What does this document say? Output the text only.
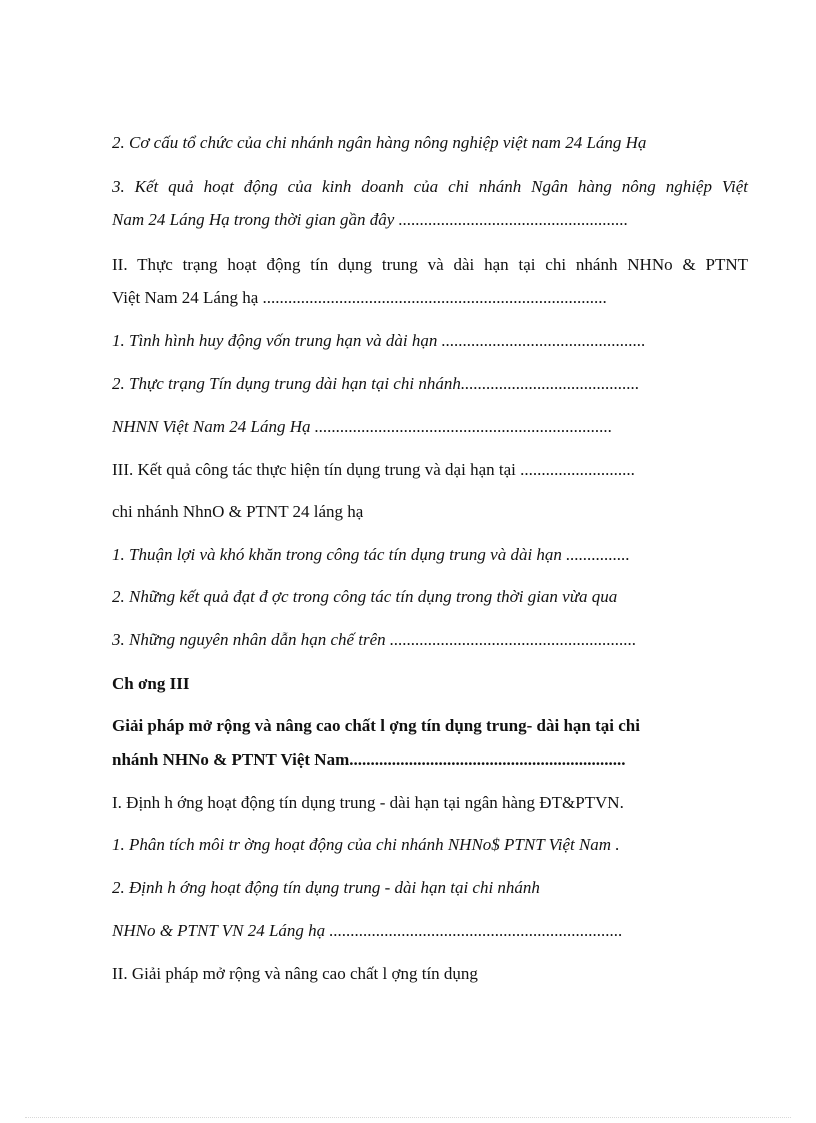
2. Cơ cấu tổ chức của chi nhánh ngân hàng nông nghiệp việt nam 24 Láng Hạ
3. Kết quả hoạt động của kinh doanh của chi nhánh Ngân hàng nông nghiệp Việt
Nam 24 Láng Hạ trong thời gian gần đây ......................................................
II. Thực trạng hoạt động tín dụng trung và dài hạn tại chi nhánh NHNo & PTNT
Việt Nam 24 Láng hạ .................................................................................
1. Tình hình huy động vốn trung hạn và dài hạn ................................................
2. Thực trạng Tín dụng trung dài hạn tại chi nhánh..........................................
NHNN Việt Nam 24 Láng Hạ ......................................................................
III. Kết quả công tác thực hiện tín dụng trung và dại hạn tại ...........................
chi nhánh NhnO & PTNT 24 láng hạ
1. Thuận lợi và khó khăn trong công tác tín dụng trung và dài hạn ...............
2. Những kết quả đạt đ ợc trong công tác tín dụng trong thời gian vừa qua
3. Những nguyên nhân dẫn hạn chế trên ..........................................................
Ch ơng III
Giải pháp mở rộng và nâng cao chất l ợng tín dụng trung- dài hạn tại chi
nhánh NHNo & PTNT Việt Nam.................................................................
I. Định h ớng hoạt động tín dụng trung - dài hạn tại ngân hàng ĐT&PTVN.
1. Phân tích môi tr ờng hoạt động của chi nhánh NHNo$ PTNT Việt Nam .
2. Định h ớng hoạt động tín dụng trung - dài hạn tại chi nhánh
NHNo & PTNT VN 24 Láng hạ .....................................................................
II. Giải pháp mở rộng và nâng cao chất l ợng tín dụng
